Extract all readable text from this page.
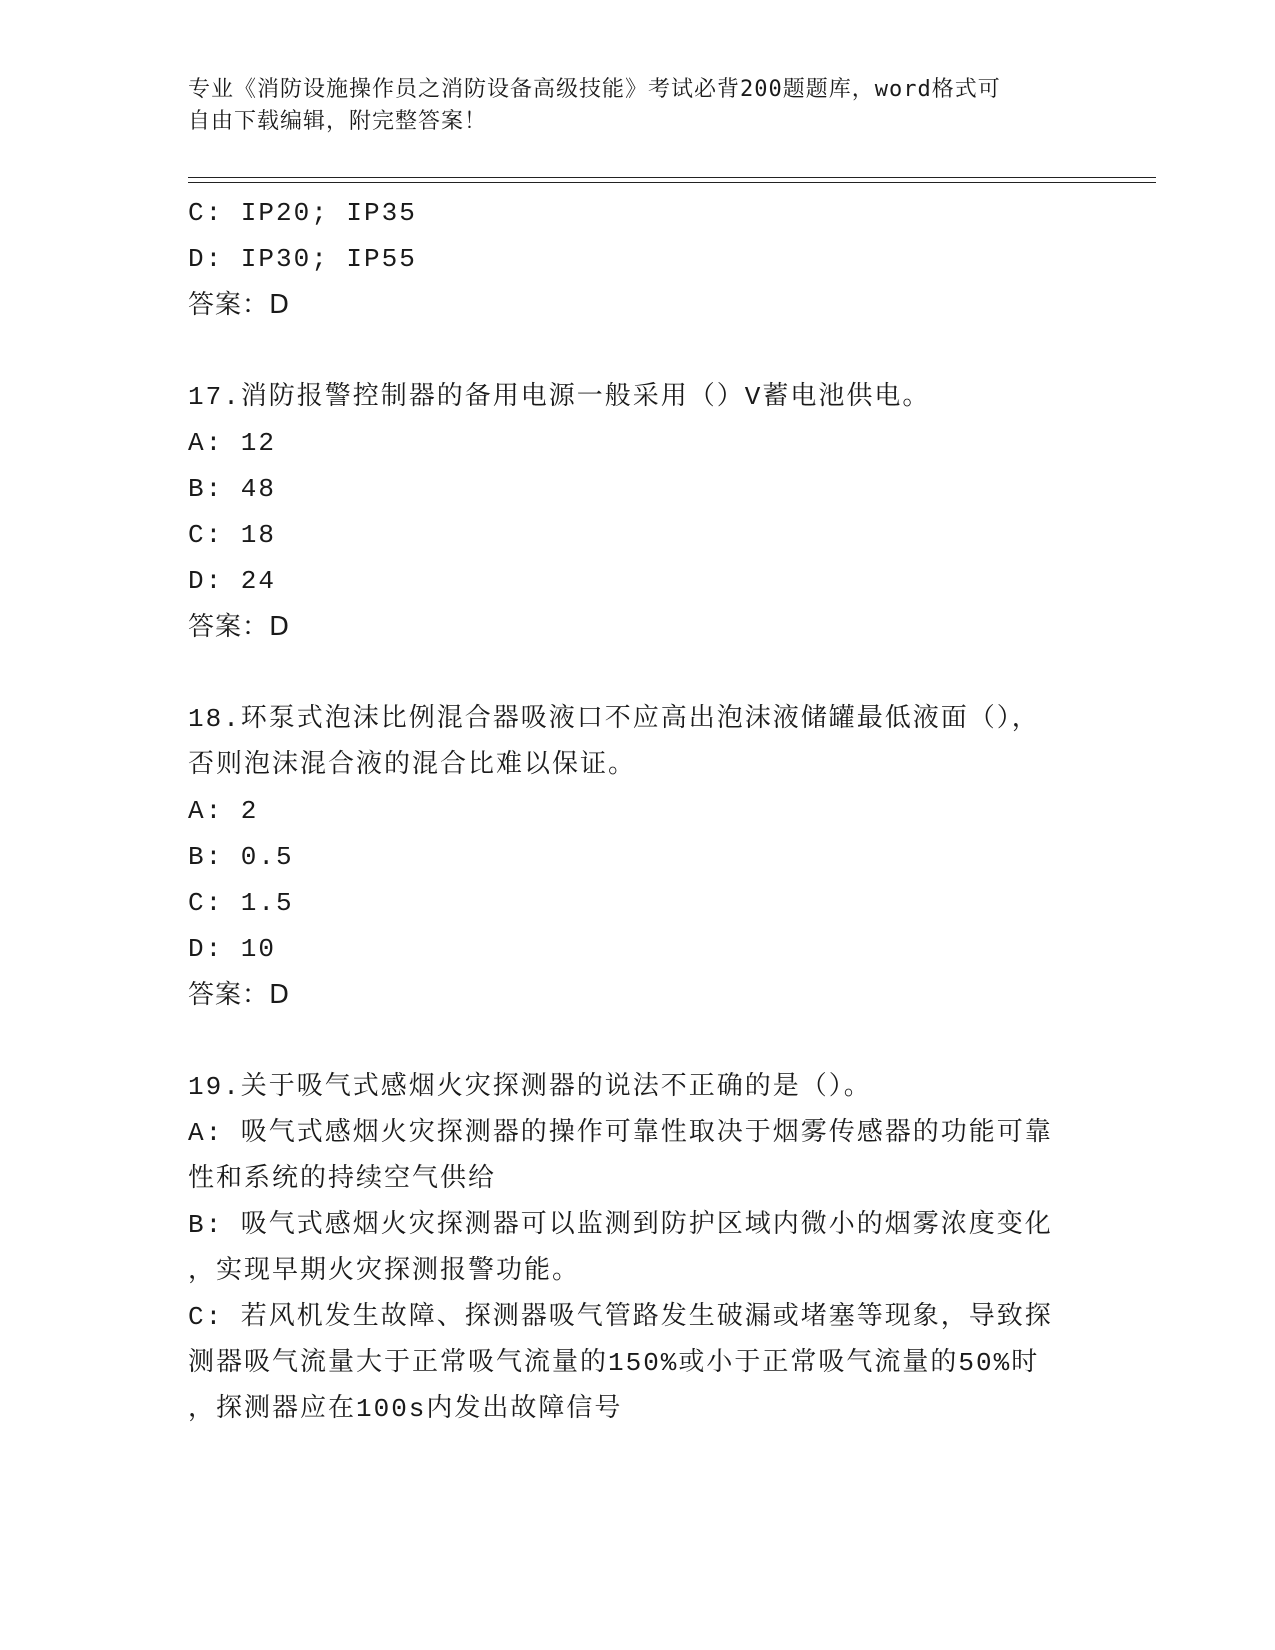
专业《消防设施操作员之消防设备高级技能》考试必背200题题库，word格式可
自由下载编辑，附完整答案！
C: IP20; IP35
D: IP30; IP55
答案：D
17.消防报警控制器的备用电源一般采用（）V蓄电池供电。
A: 12
B: 48
C: 18
D: 24
答案：D
18.环泵式泡沫比例混合器吸液口不应高出泡沫液储罐最低液面（），
否则泡沫混合液的混合比难以保证。
A: 2
B: 0.5
C: 1.5
D: 10
答案：D
19.关于吸气式感烟火灾探测器的说法不正确的是（）。
A: 吸气式感烟火灾探测器的操作可靠性取决于烟雾传感器的功能可靠
性和系统的持续空气供给
B: 吸气式感烟火灾探测器可以监测到防护区域内微小的烟雾浓度变化
，实现早期火灾探测报警功能。
C: 若风机发生故障、探测器吸气管路发生破漏或堵塞等现象，导致探
测器吸气流量大于正常吸气流量的150%或小于正常吸气流量的50%时
，探测器应在100s内发出故障信号
